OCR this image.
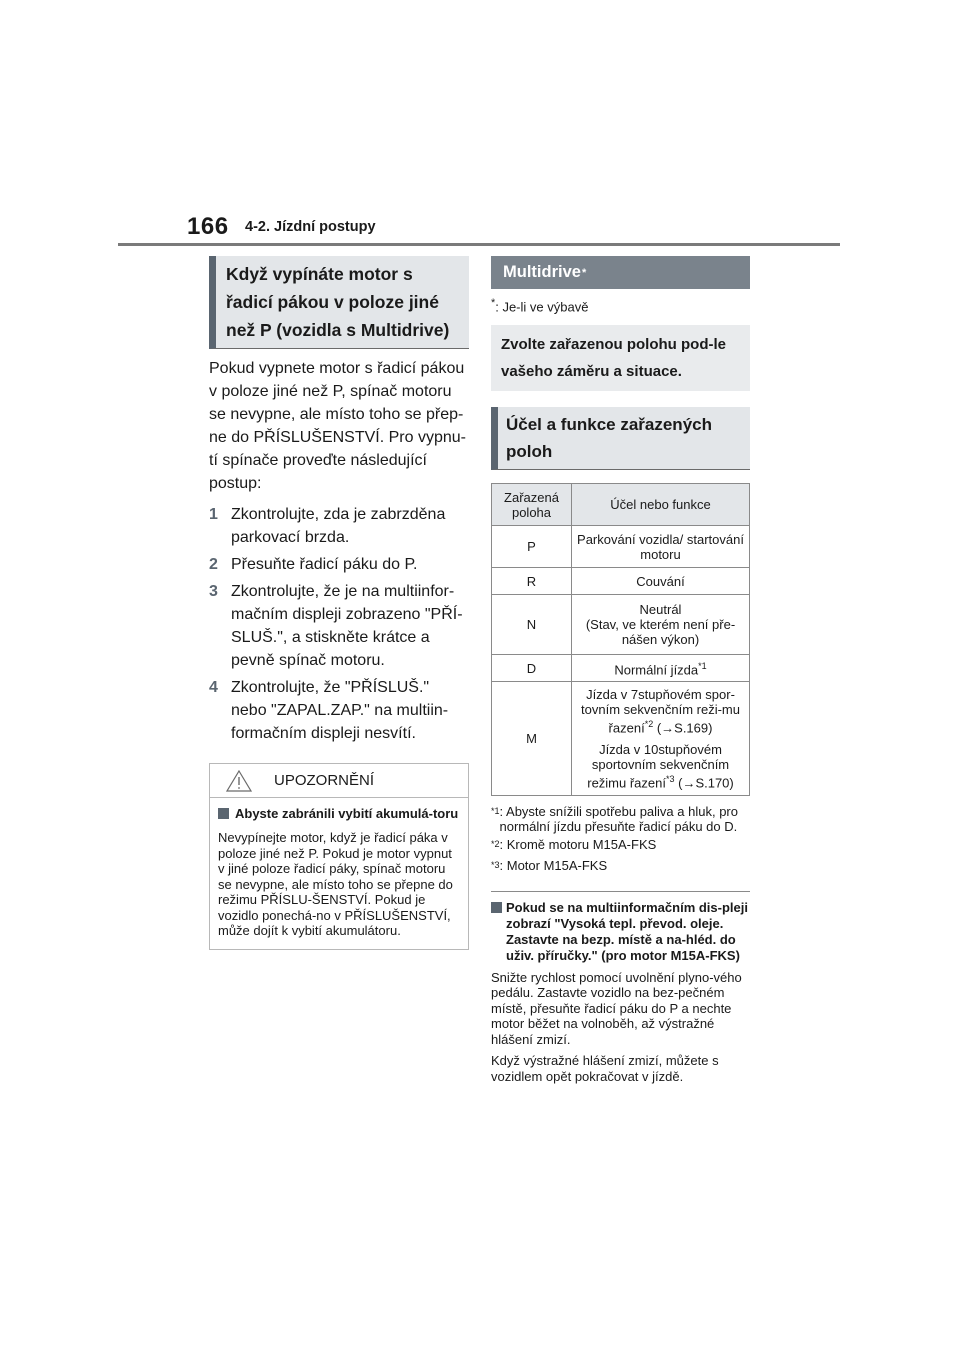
166 4-2. Jízdní postupy
Když vypínáte motor s řadicí pákou v poloze jiné než P (vozidla s Multidrive)
Pokud vypnete motor s řadicí pákou v poloze jiné než P, spínač motoru se nevypne, ale místo toho se přep-ne do PŘÍSLUŠENSTVÍ. Pro vypnu-tí spínače proveďte následující postup:
1 Zkontrolujte, zda je zabrzděna parkovací brzda.
2 Přesuňte řadicí páku do P.
3 Zkontrolujte, že je na multiinfor-mačním displeji zobrazeno "PŘÍ-SLUŠ.", a stiskněte krátce a pevně spínač motoru.
4 Zkontrolujte, že "PŘÍSLUŠ." nebo "ZAPAL.ZAP." na multiin-formačním displeji nesvítí.
UPOZORNĚNÍ
Abyste zabránili vybití akumulá-toru
Nevypínejte motor, když je řadicí páka v poloze jiné než P. Pokud je motor vypnut v jiné poloze řadicí páky, spínač motoru se nevypne, ale místo toho se přepne do režimu PŘÍSLU-ŠENSTVÍ. Pokud je vozidlo ponechá-no v PŘÍSLUŠENSTVÍ, může dojít k vybití akumulátoru.
Multidrive *
*: Je-li ve výbavě
Zvolte zařazenou polohu pod-le vašeho záměru a situace.
Účel a funkce zařazených poloh
Zařazená poloha	Účel nebo funkce
P	Parkování vozidla/ startování motoru
R	Couvání
N	Neutrál
(Stav, ve kterém není pře-nášen výkon)

D	Normální jízda$^{*1}$
M	Jízda v 7stupňovém spor-tovním sekvenčním reži-mu řazení$^{*2}$ (→S.169)

Jízda v 10stupňovém sportovním sekvenčním režimu řazení$^{*3}$ (→S.170)

$^{*1}$ : Abyste snížili spotřebu paliva a hluk, pro normální jízdu přesuňte řadicí páku do D.
$^{*2}$ : Kromě motoru M15A-FKS
$^{*3}$ : Motor M15A-FKS
Pokud se na multiinformačním dis-pleji zobrazí "Vysoká tepl. převod. oleje. Zastavte na bezp. místě a na-hléd. do uživ. příručky." (pro motor M15A-FKS)
Snižte rychlost pomocí uvolnění plyno-vého pedálu. Zastavte vozidlo na bez-pečném místě, přesuňte řadicí páku do P a nechte motor běžet na volnoběh, až výstražné hlášení zmizí.
Když výstražné hlášení zmizí, můžete s vozidlem opět pokračovat v jízdě.
